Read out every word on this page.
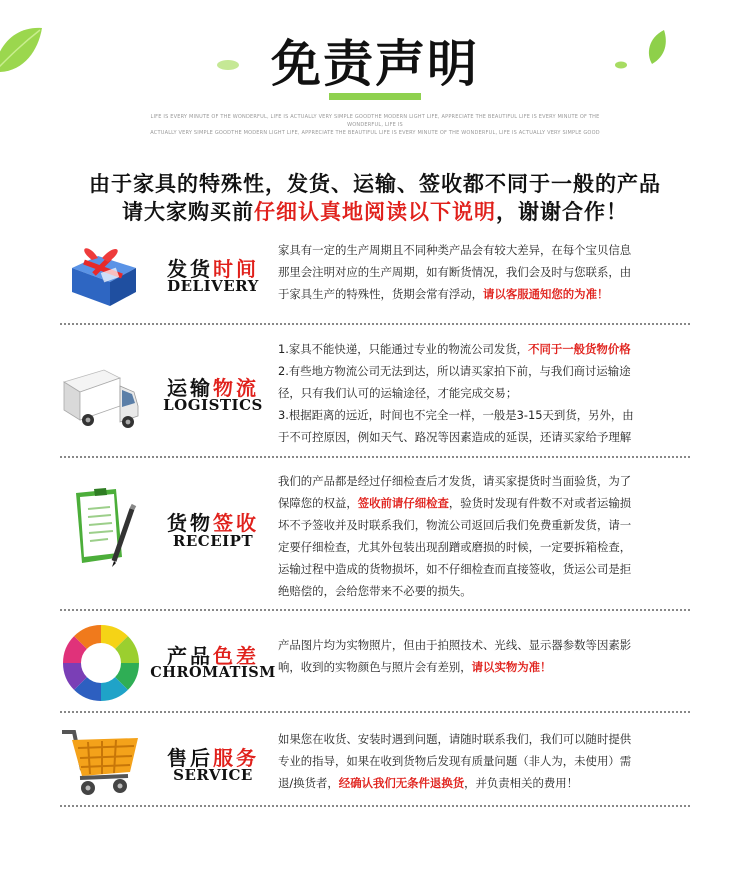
免责声明
LIFE IS EVERY MINUTE OF THE WONDERFUL, LIFE IS ACTUALLY VERY SIMPLE GOODTHE MODERN LIGHT LIFE, APPRECIATE THE BEAUTIFUL LIFE IS EVERY MINUTE OF THE WONDERFUL, LIFE IS
ACTUALLY VERY SIMPLE GOODTHE MODERN LIGHT LIFE, APPRECIATE THE BEAUTIFUL LIFE IS EVERY MINUTE OF THE WONDERFUL, LIFE IS ACTUALLY VERY SIMPLE GOOD
由于家具的特殊性，发货、运输、签收都不同于一般的产品
请大家购买前仔细认真地阅读以下说明，谢谢合作！
发货时间
DELIVERY
家具有一定的生产周期且不同种类产品会有较大差异，在每个宝贝信息
那里会注明对应的生产周期，如有断货情况，我们会及时与您联系，由
于家具生产的特殊性，货期会常有浮动，请以客服通知您的为准！
运输物流
LOGISTICS
1.家具不能快递，只能通过专业的物流公司发货，不同于一般货物价格
2.有些地方物流公司无法到达，所以请买家拍下前，与我们商讨运输途
径，只有我们认可的运输途径，才能完成交易；
3.根据距离的远近，时间也不完全一样，一般是3-15天到货，另外，由
于不可控原因，例如天气、路况等因素造成的延误，还请买家给予理解
货物签收
RECEIPT
我们的产品都是经过仔细检查后才发货，请买家提货时当面验货，为了
保障您的权益，签收前请仔细检查，验货时发现有件数不对或者运输损
坏不予签收并及时联系我们，物流公司返回后我们免费重新发货，请一
定要仔细检查，尤其外包装出现刮蹭或磨损的时候，一定要拆箱检查，
运输过程中造成的货物损坏，如不仔细检查而直接签收，货运公司是拒
绝赔偿的，会给您带来不必要的损失。
产品色差
CHROMATISM
产品图片均为实物照片，但由于拍照技术、光线、显示器参数等因素影
响，收到的实物颜色与照片会有差别，请以实物为准！
售后服务
SERVICE
如果您在收货、安装时遇到问题，请随时联系我们，我们可以随时提供
专业的指导，如果在收到货物后发现有质量问题（非人为，未使用）需
退/换货者，经确认我们无条件退换货，并负责相关的费用！
